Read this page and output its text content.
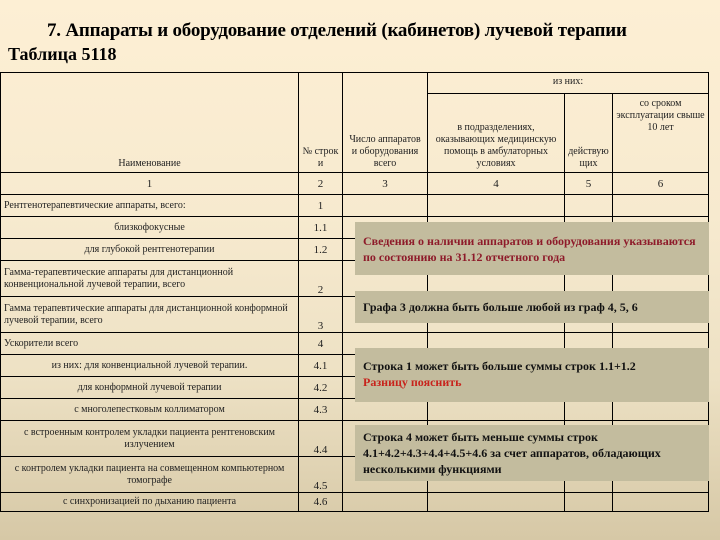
7. Аппараты и оборудование отделений (кабинетов) лучевой терапии
Таблица 5118
Наименование	№ строки	Число аппаратов и оборудования всего	из них:		
			в подразделениях, оказывающих медицинскую помощь в амбулаторных условиях	действующих	со сроком эксплуатации свыше 10 лет
1	2	3	4	5	6
Рентгенотерапевтические аппараты, всего:	1				
близкофокусные	1.1				
для глубокой рентгенотерапии	1.2				
Гамма-терапевтические аппараты для дистанционной конвенциональной лучевой терапии, всего	2				
Гамма терапевтические аппараты для дистанционной конформной лучевой терапии, всего	3				
Ускорители всего	4				
из них: для конвенциальной лучевой терапии.	4.1				
для конформной лучевой терапии	4.2				
с многолепестковым коллиматором	4.3				
с встроенным контролем укладки пациента рентгеновским излучением	4.4				
с контролем укладки пациента на совмещенном компьютерном томографе	4.5				
с синхронизацией по дыханию пациента	4.6				
Сведения о наличии аппаратов и оборудования указываются по состоянию на 31.12 отчетного года
Графа 3 должна быть больше любой из граф 4, 5, 6
Строка 1 может быть больше суммы строк 1.1+1.2
Разницу пояснить
Строка 4 может быть меньше суммы строк 4.1+4.2+4.3+4.4+4.5+4.6 за счет аппаратов, обладающих несколькими функциями
